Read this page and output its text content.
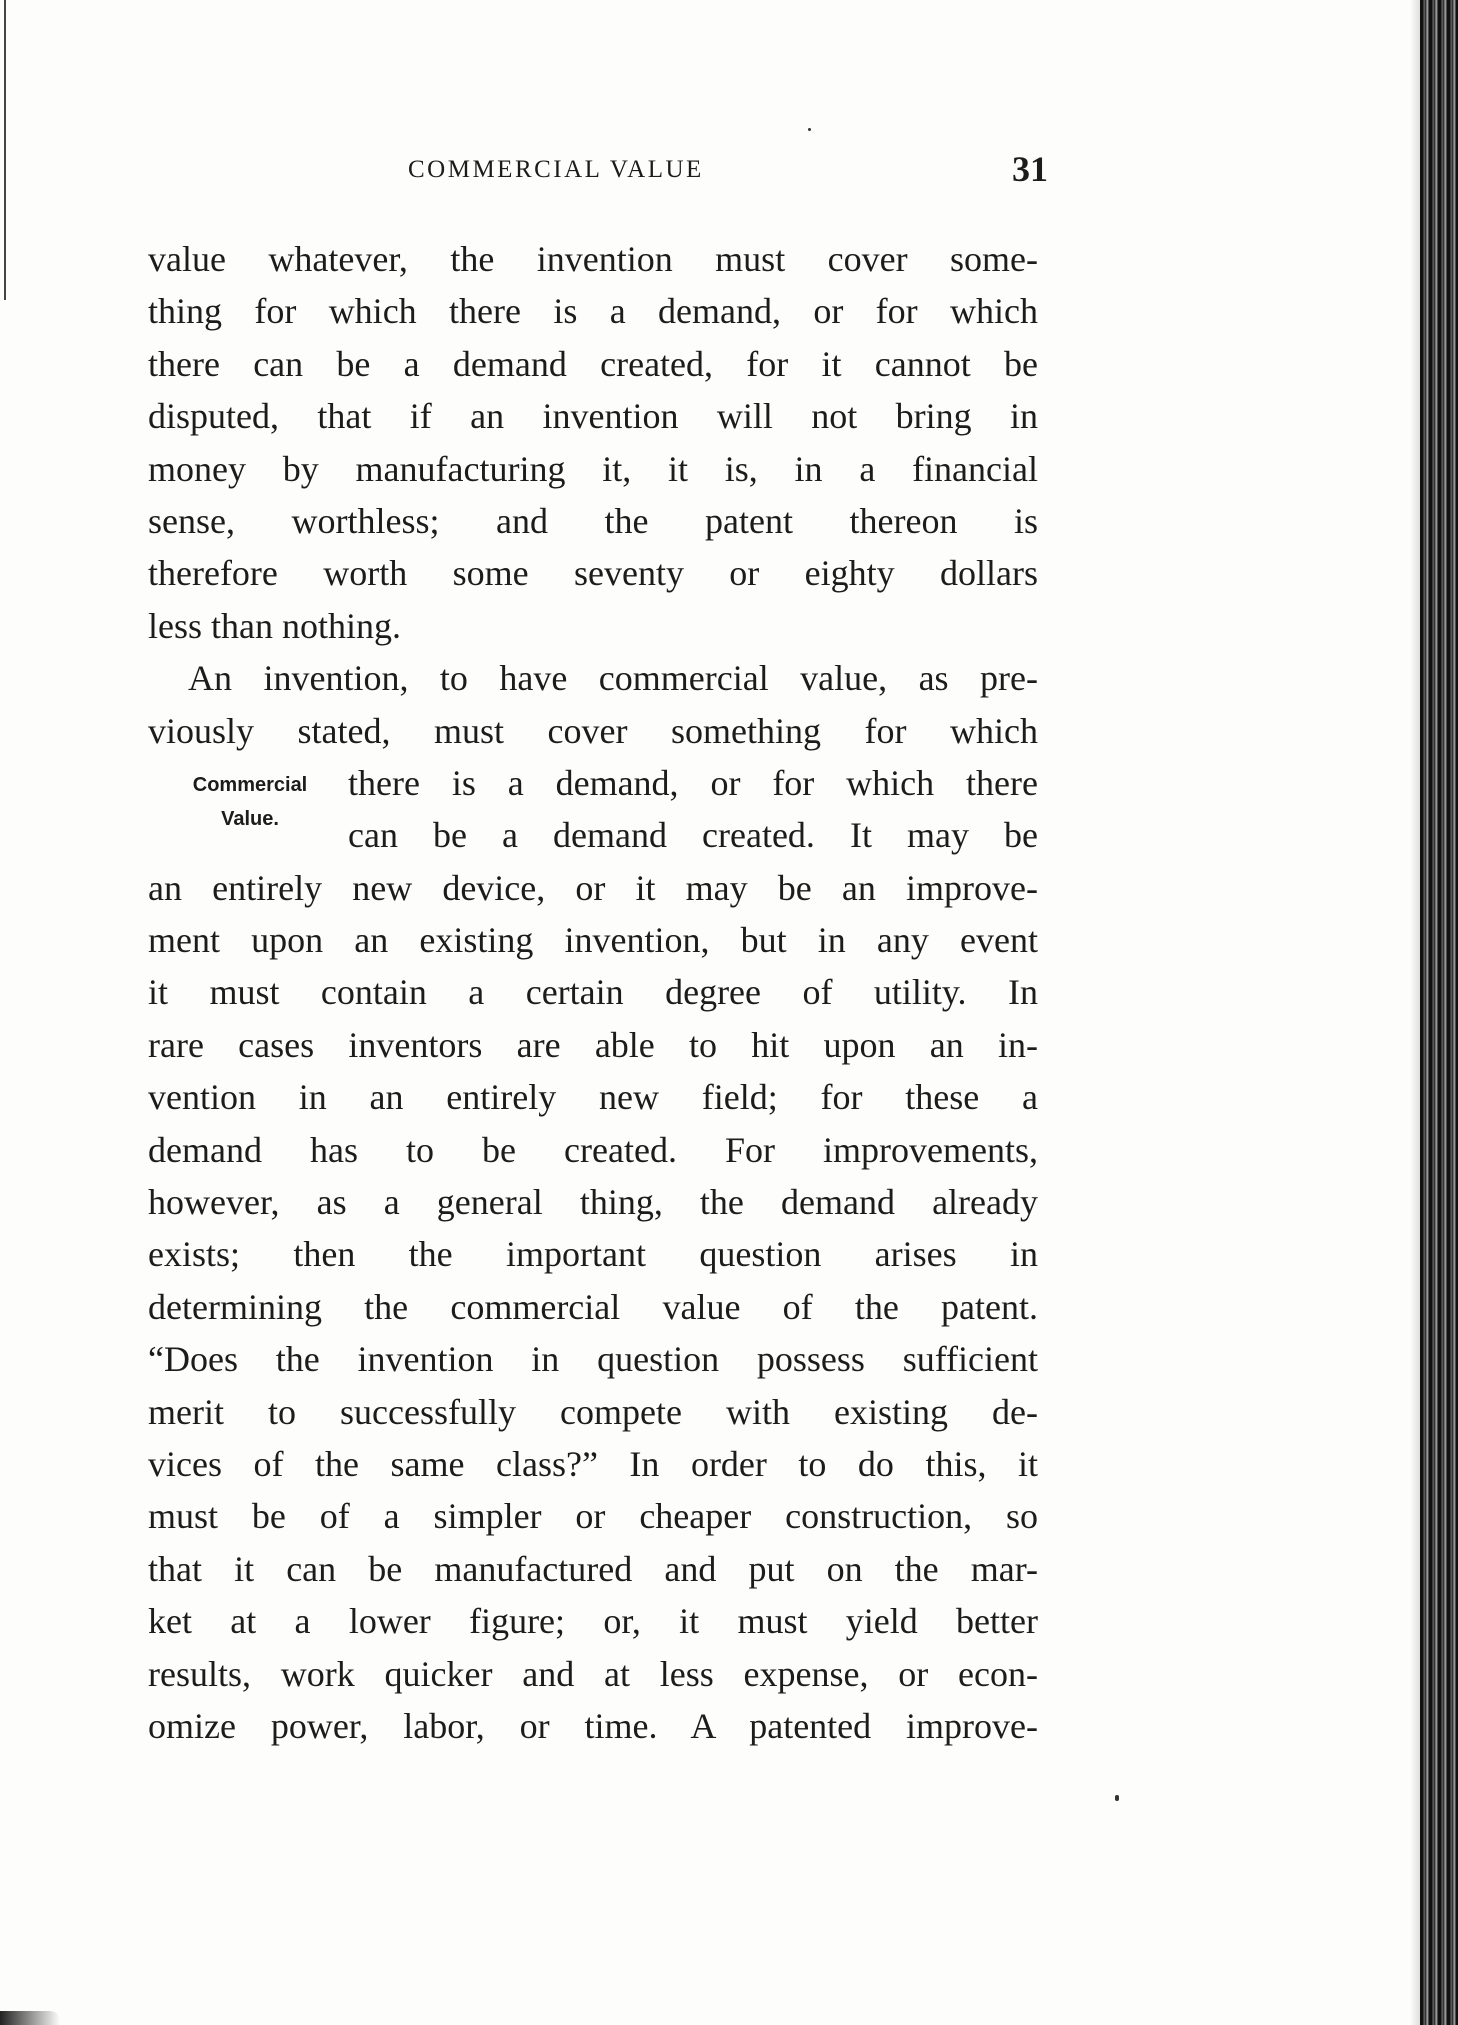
COMMERCIAL VALUE	31
Commercial
Value.
value whatever, the invention must cover some-
thing for which there is a demand, or for which
there can be a demand created, for it cannot be
disputed, that if an invention will not bring in
money by manufacturing it, it is, in a financial
sense, worthless; and the patent thereon is
therefore worth some seventy or eighty dollars
less than nothing.
An invention, to have commercial value, as pre-
viously stated, must cover something for which
there is a demand, or for which there
can be a demand created. It may be
an entirely new device, or it may be an improve-
ment upon an existing invention, but in any event
it must contain a certain degree of utility. In
rare cases inventors are able to hit upon an in-
vention in an entirely new field; for these a
demand has to be created. For improvements,
however, as a general thing, the demand already
exists; then the important question arises in
determining the commercial value of the patent.
“Does the invention in question possess sufficient
merit to successfully compete with existing de-
vices of the same class?” In order to do this, it
must be of a simpler or cheaper construction, so
that it can be manufactured and put on the mar-
ket at a lower figure; or, it must yield better
results, work quicker and at less expense, or econ-
omize power, labor, or time. A patented improve-
